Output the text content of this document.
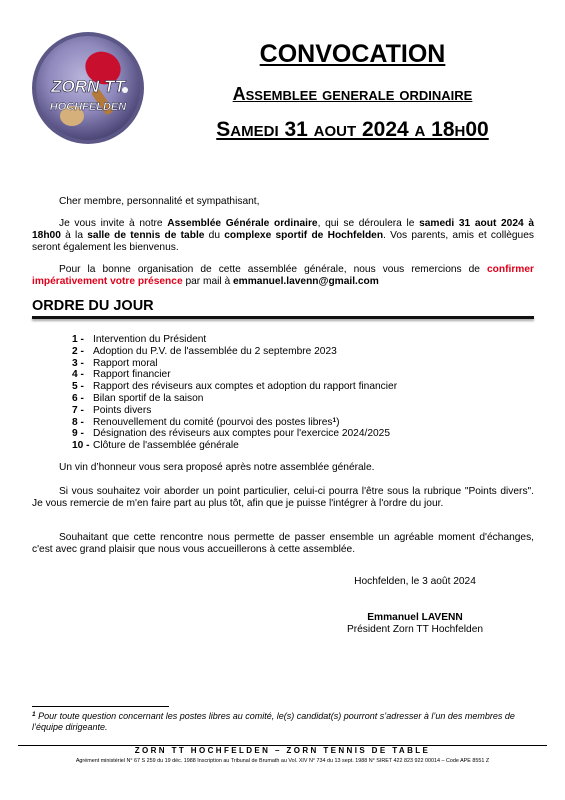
ZORN TT
HOCHFELDEN
CONVOCATION
Assemblee generale ordinaire
Samedi 31 aout 2024 a 18h00
Cher membre, personnalité et sympathisant,
Je vous invite à notre Assemblée Générale ordinaire, qui se déroulera le samedi 31 aout 2024 à 18h00 à la salle de tennis de table du complexe sportif de Hochfelden. Vos parents, amis et collègues seront également les bienvenus.
Pour la bonne organisation de cette assemblée générale, nous vous remercions de confirmer impérativement votre présence par mail à emmanuel.lavenn@gmail.com
ORDRE DU JOUR
1 - Intervention du Président
2 - Adoption du P.V. de l'assemblée du 2 septembre 2023
3 - Rapport moral
4 - Rapport financier
5 - Rapport des réviseurs aux comptes et adoption du rapport financier
6 - Bilan sportif de la saison
7 - Points divers
8 - Renouvellement du comité (pourvoi des postes libres$^1$)
9 - Désignation des réviseurs aux comptes pour l'exercice 2024/2025
10 - Clôture de l'assemblée générale
Un vin d’honneur vous sera proposé après notre assemblée générale.
Si vous souhaitez voir aborder un point particulier, celui-ci pourra l'être sous la rubrique "Points divers". Je vous remercie de m'en faire part au plus tôt, afin que je puisse l'intégrer à l'ordre du jour.
Souhaitant que cette rencontre nous permette de passer ensemble un agréable moment d'échanges, c'est avec grand plaisir que nous vous accueillerons à cette assemblée.
Hochfelden, le 3 août 2024
Emmanuel LAVENN
Président Zorn TT Hochfelden
$^1$ Pour toute question concernant les postes libres au comité, le(s) candidat(s) pourront s’adresser à l’un des membres de l’équipe dirigeante.
ZORN TT HOCHFELDEN – ZORN TENNIS DE TABLE
Agrément ministériel N° 67 S 259 du 19 déc. 1988 Inscription au Tribunal de Brumath au Vol. XIV N° 734 du 13 sept. 1988 N° SIRET 422 823 922 00014 – Code APE 8551 Z
